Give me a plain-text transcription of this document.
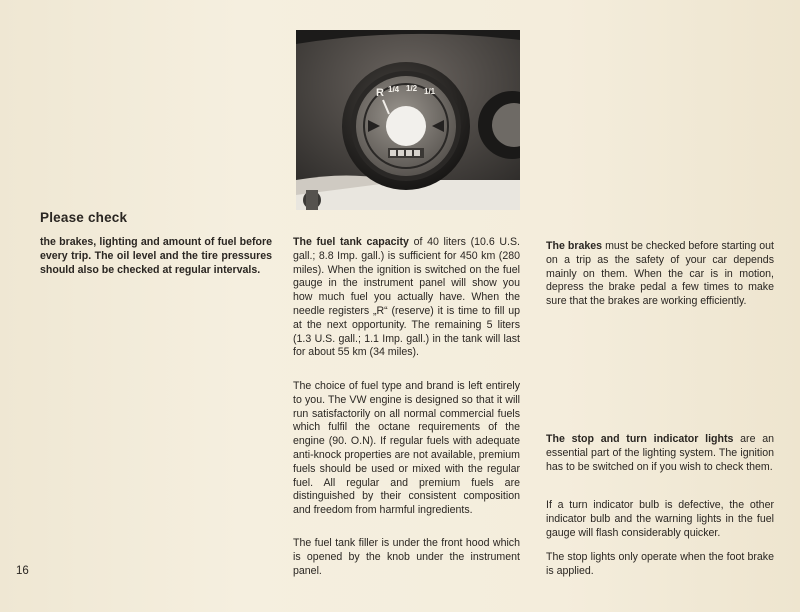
R 1/4 1/2 1/1
Please check

the brakes, lighting and amount of fuel before every trip. The oil level and the tire pressures should also be checked at regular intervals.

The fuel tank capacity of 40 liters (10.6 U.S. gall.; 8.8 Imp. gall.) is sufficient for 450 km (280 miles). When the ignition is switched on the fuel gauge in the instrument panel will show you how much fuel you actually have. When the needle registers „R“ (reserve) it is time to fill up at the next opportunity. The remaining 5 liters (1.3 U.S. gall.; 1.1 Imp. gall.) in the tank will last for about 55 km (34 miles).

The choice of fuel type and brand is left entirely to you. The VW engine is designed so that it will run satisfactorily on all normal commercial fuels which fulfil the octane requirements of the engine (90. O.N). If regular fuels with adequate anti-knock properties are not available, premium fuels should be used or mixed with the regular fuel. All regular and premium fuels are distinguished by their consistent composition and freedom from harmful ingredients.

The fuel tank filler is under the front hood which is opened by the knob under the instrument panel.

The brakes must be checked before starting out on a trip as the safety of your car depends mainly on them. When the car is in motion, depress the brake pedal a few times to make sure that the brakes are working efficiently.

The stop and turn indicator lights are an essential part of the lighting system. The ignition has to be switched on if you wish to check them.

If a turn indicator bulb is defective, the other indicator bulb and the warning lights in the fuel gauge will flash considerably quicker.

The stop lights only operate when the foot brake is applied.

16
